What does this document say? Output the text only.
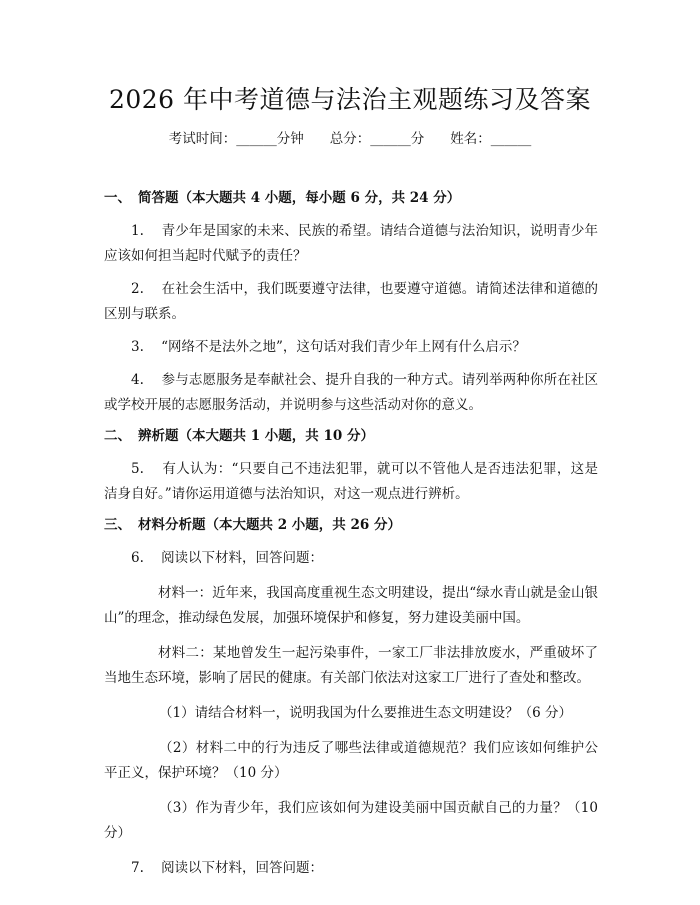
2026 年中考道德与法治主观题练习及答案
考试时间：______分钟 总分：______分 姓名：______

一、 简答题（本大题共 4 小题，每小题 6 分，共 24 分）

1. 青少年是国家的未来、民族的希望。请结合道德与法治知识，说明青少年应该如何担当起时代赋予的责任？

2. 在社会生活中，我们既要遵守法律，也要遵守道德。请简述法律和道德的区别与联系。

3. “网络不是法外之地”，这句话对我们青少年上网有什么启示？

4. 参与志愿服务是奉献社会、提升自我的一种方式。请列举两种你所在社区或学校开展的志愿服务活动，并说明参与这些活动对你的意义。

二、 辨析题（本大题共 1 小题，共 10 分）

5. 有人认为：“只要自己不违法犯罪，就可以不管他人是否违法犯罪，这是洁身自好。”请你运用道德与法治知识，对这一观点进行辨析。

三、 材料分析题（本大题共 2 小题，共 26 分）

6. 阅读以下材料，回答问题：

材料一：近年来，我国高度重视生态文明建设，提出“绿水青山就是金山银山”的理念，推动绿色发展，加强环境保护和修复，努力建设美丽中国。

材料二：某地曾发生一起污染事件，一家工厂非法排放废水，严重破坏了当地生态环境，影响了居民的健康。有关部门依法对这家工厂进行了查处和整改。

（1）请结合材料一，说明我国为什么要推进生态文明建设？（6 分）

（2）材料二中的行为违反了哪些法律或道德规范？我们应该如何维护公平正义，保护环境？（10 分）

（3）作为青少年，我们应该如何为建设美丽中国贡献自己的力量？（10 分）

7. 阅读以下材料，回答问题：
